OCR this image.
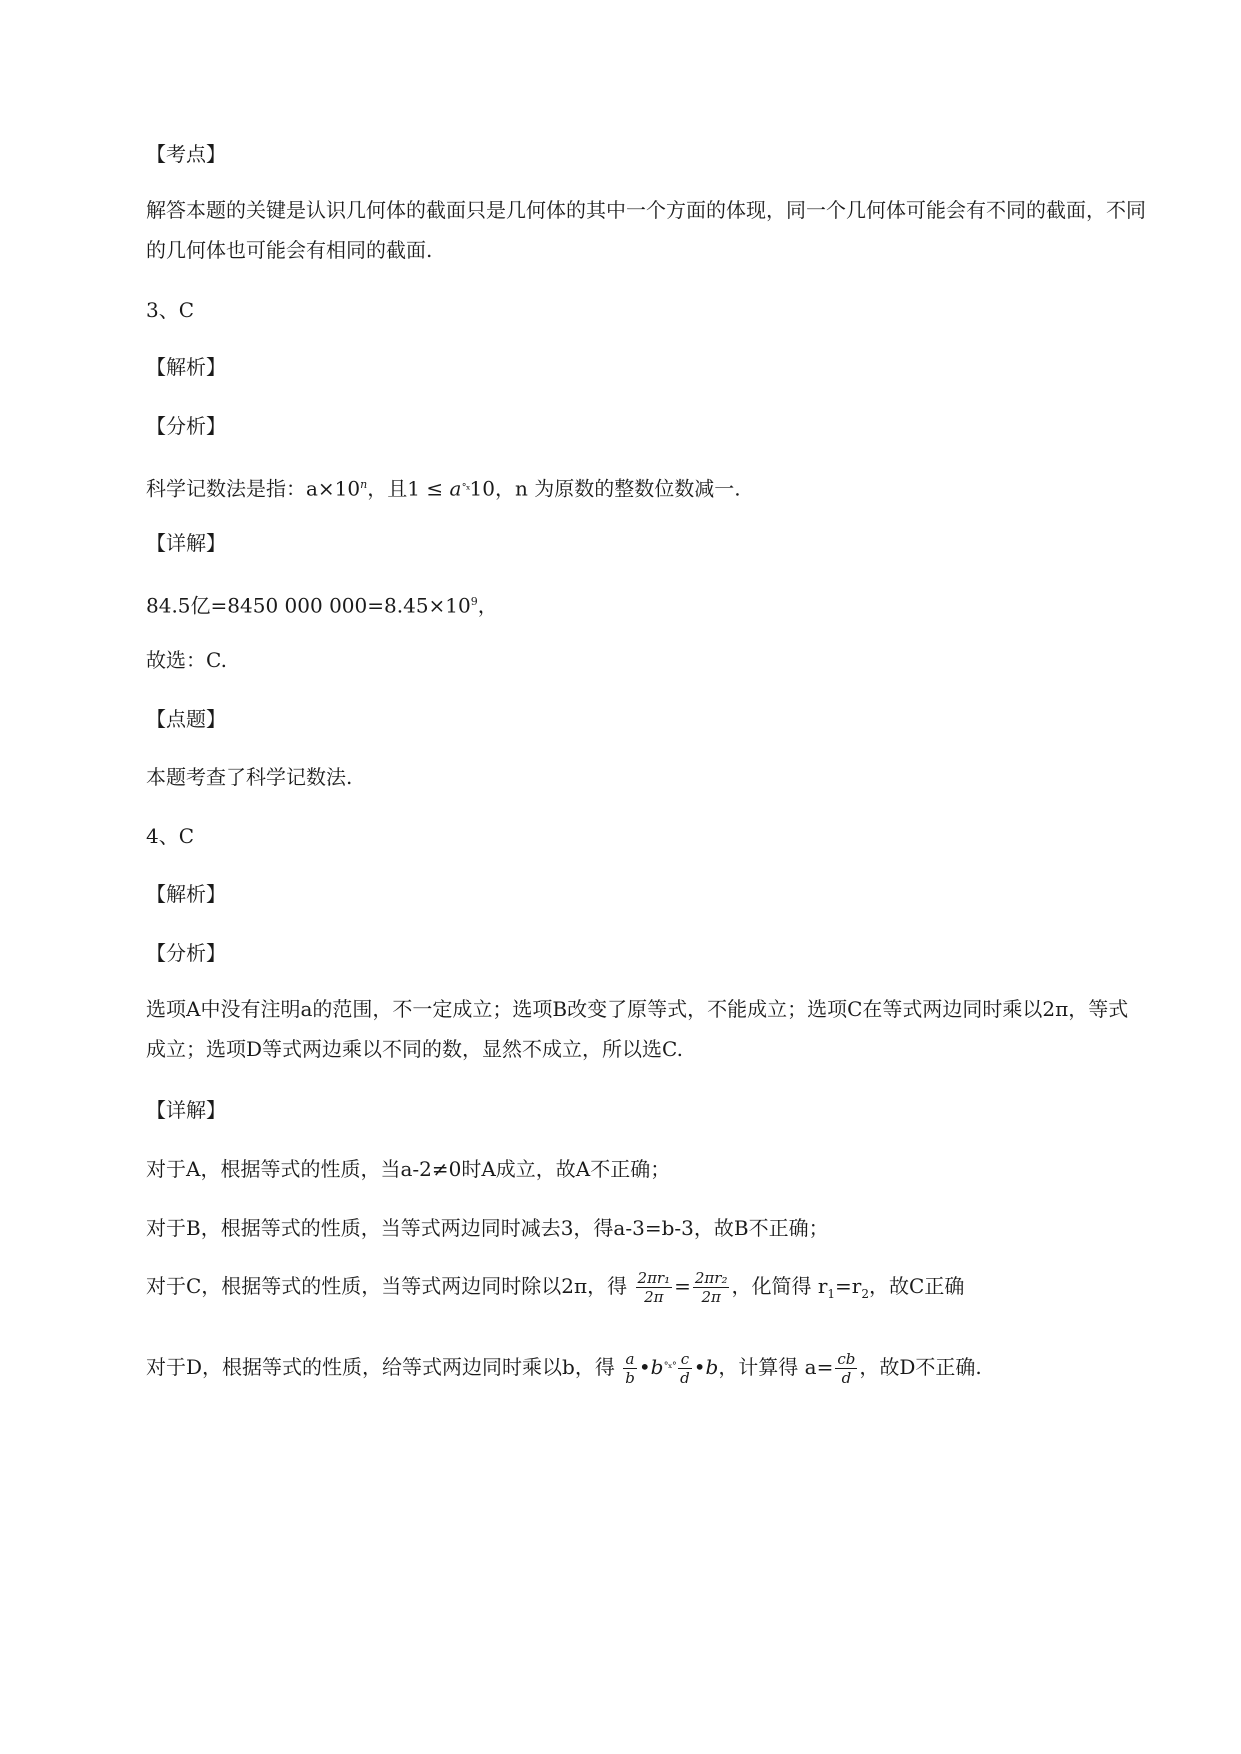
【考点】
解答本题的关键是认识几何体的截面只是几何体的其中一个方面的体现，同一个几何体可能会有不同的截面，不同的几何体也可能会有相同的截面.
3、C
【解析】
【分析】
科学记数法是指：$a\times 10^n$，且1 ≤ a˚ˣ10，n 为原数的整数位数减一.
【详解】
84.5亿=8450 000 $000=8.45\times 10^9$，
故选：C.
【点题】
本题考查了科学记数法.
4、C
【解析】
【分析】
选项A中没有注明a的范围，不一定成立；选项B改变了原等式，不能成立；选项C在等式两边同时乘以2π，等式成立；选项D等式两边乘以不同的数，显然不成立，所以选C.
【详解】
对于A，根据等式的性质，当a-2≠0时A成立，故A不正确；
对于B，根据等式的性质，当等式两边同时减去3，得a-3=b-3，故B不正确；
对于C，根据等式的性质，当等式两边同时除以2π，得 $\frac{\text{2πr₁}}{2\pi} = \frac{\text{2πr₂}}{2\pi}$ ，化简得 $r_1=r_2$，故C正确
对于D，根据等式的性质，给等式两边同时乘以b，得 $\frac{a}{b}$ •b˚ˣ˚ $\frac{c}{d}$ •b，计算得 $a= \frac{cb}{d}$ ，故D不正确.
